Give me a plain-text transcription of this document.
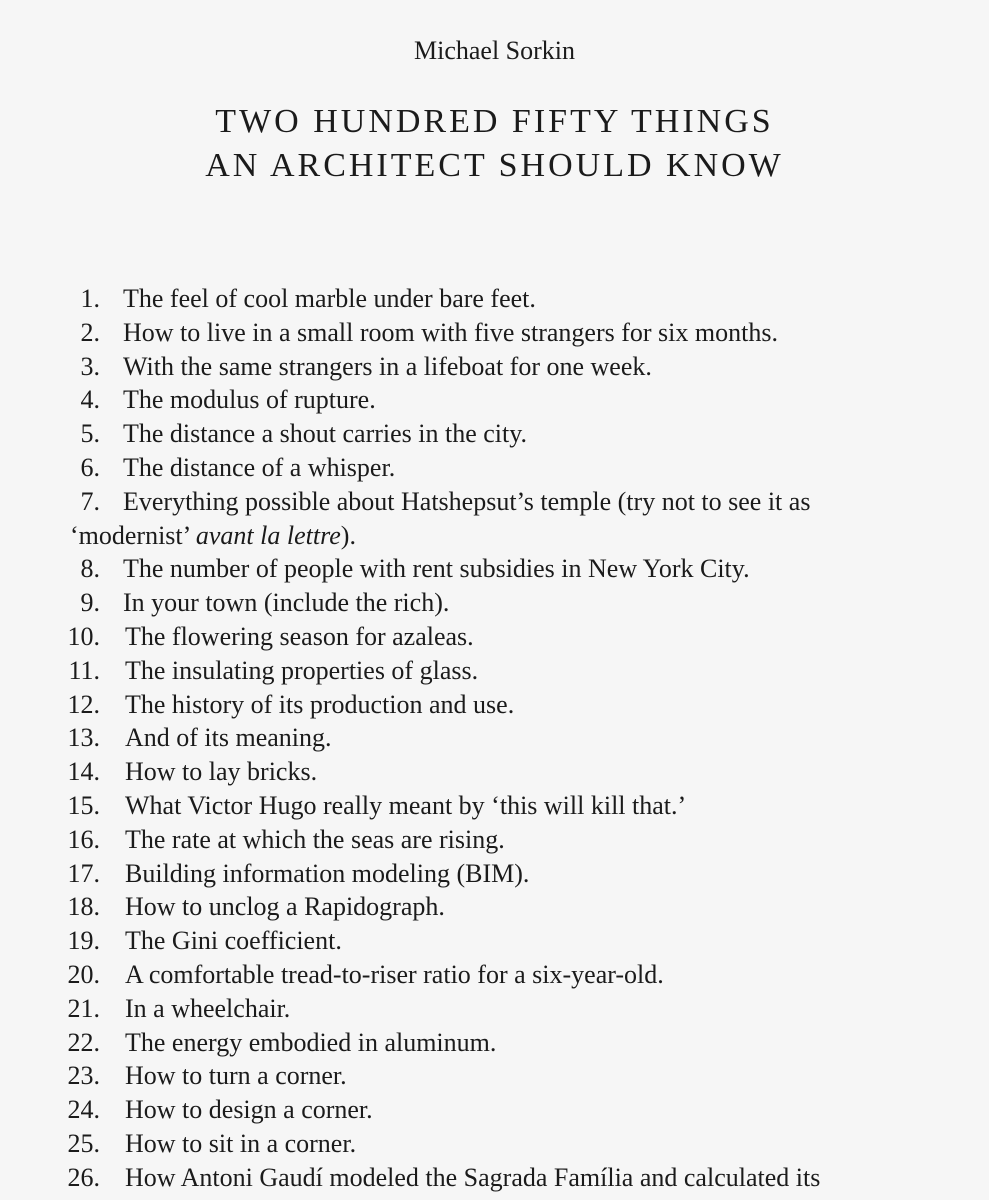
Michael Sorkin
TWO HUNDRED FIFTY THINGS
AN ARCHITECT SHOULD KNOW
1. The feel of cool marble under bare feet.
2. How to live in a small room with five strangers for six months.
3. With the same strangers in a lifeboat for one week.
4. The modulus of rupture.
5. The distance a shout carries in the city.
6. The distance of a whisper.
7. Everything possible about Hatshepsut’s temple (try not to see it as
‘modernist’ avant la lettre).
8. The number of people with rent subsidies in New York City.
9. In your town (include the rich).
10. The flowering season for azaleas.
11. The insulating properties of glass.
12. The history of its production and use.
13. And of its meaning.
14. How to lay bricks.
15. What Victor Hugo really meant by ‘this will kill that.’
16. The rate at which the seas are rising.
17. Building information modeling (BIM).
18. How to unclog a Rapidograph.
19. The Gini coefficient.
20. A comfortable tread-to-riser ratio for a six-year-old.
21. In a wheelchair.
22. The energy embodied in aluminum.
23. How to turn a corner.
24. How to design a corner.
25. How to sit in a corner.
26. How Antoni Gaudí modeled the Sagrada Família and calculated its
